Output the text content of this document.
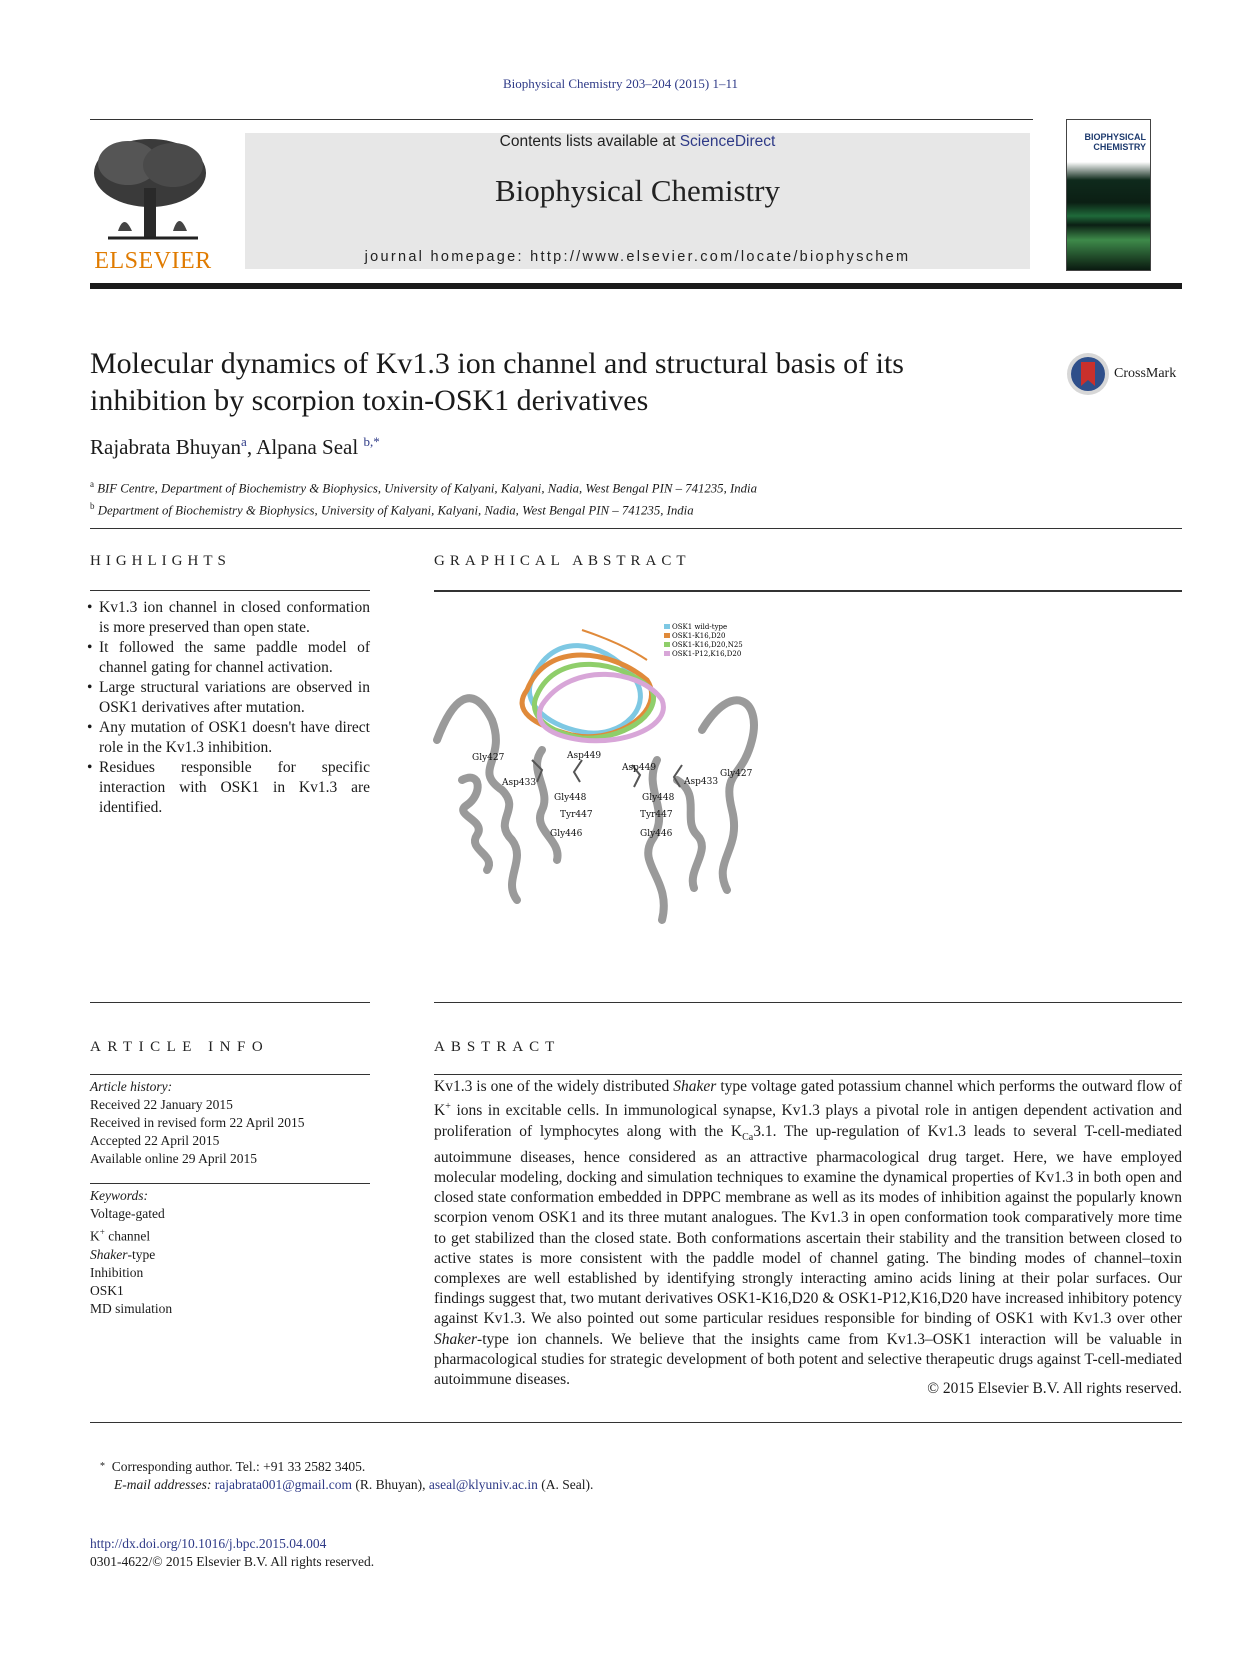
Biophysical Chemistry 203–204 (2015) 1–11
ELSEVIER
Contents lists available at ScienceDirect
Biophysical Chemistry
journal homepage: http://www.elsevier.com/locate/biophyschem
BIOPHYSICAL
CHEMISTRY
Molecular dynamics of Kv1.3 ion channel and structural basis of its
inhibition by scorpion toxin-OSK1 derivatives
CrossMark
Rajabrata Bhuyan$^a$, Alpana Seal $^{b,*}$
$^a$ BIF Centre, Department of Biochemistry & Biophysics, University of Kalyani, Kalyani, Nadia, West Bengal PIN – 741235, India
$^b$ Department of Biochemistry & Biophysics, University of Kalyani, Kalyani, Nadia, West Bengal PIN – 741235, India
HIGHLIGHTS
• Kv1.3 ion channel in closed conformation is more preserved than open state.
• It followed the same paddle model of channel gating for channel activation.
• Large structural variations are observed in OSK1 derivatives after mutation.
• Any mutation of OSK1 doesn't have direct role in the Kv1.3 inhibition.
• Residues responsible for specific interaction with OSK1 in Kv1.3 are identified.
GRAPHICAL ABSTRACT
OSK1 wild-type
OSK1-K16,D20
OSK1-K16,D20,N25
OSK1-P12,K16,D20
Gly427
Asp433
Asp449
Gly448
Tyr447
Gly446
Gly427
Asp449
Asp433
Gly448
Tyr447
Gly446
ARTICLE INFO
Article history:
Received 22 January 2015
Received in revised form 22 April 2015
Accepted 22 April 2015
Available online 29 April 2015
Keywords:
Voltage-gated
K+ channel
Shaker-type
Inhibition
OSK1
MD simulation
ABSTRACT
Kv1.3 is one of the widely distributed Shaker type voltage gated potassium channel which performs the outward flow of K+ ions in excitable cells. In immunological synapse, Kv1.3 plays a pivotal role in antigen dependent activation and proliferation of lymphocytes along with the $K_{Ca}3.1$. The up-regulation of Kv1.3 leads to several T-cell-mediated autoimmune diseases, hence considered as an attractive pharmacological drug target. Here, we have employed molecular modeling, docking and simulation techniques to examine the dynamical properties of Kv1.3 in both open and closed state conformation embedded in DPPC membrane as well as its modes of inhibition against the popularly known scorpion venom OSK1 and its three mutant analogues. The Kv1.3 in open conformation took comparatively more time to get stabilized than the closed state. Both conformations ascertain their stability and the transition between closed to active states is more consistent with the paddle model of channel gating. The binding modes of channel–toxin complexes are well established by identifying strongly interacting amino acids lining at their polar surfaces. Our findings suggest that, two mutant derivatives OSK1-K16,D20 & OSK1-P12,K16,D20 have increased inhibitory potency against Kv1.3. We also pointed out some particular residues responsible for binding of OSK1 with Kv1.3 over other Shaker-type ion channels. We believe that the insights came from Kv1.3–OSK1 interaction will be valuable in pharmacological studies for strategic development of both potent and selective therapeutic drugs against T-cell-mediated autoimmune diseases.
© 2015 Elsevier B.V. All rights reserved.
* Corresponding author. Tel.: +91 33 2582 3405.
E-mail addresses: rajabrata001@gmail.com (R. Bhuyan), aseal@klyuniv.ac.in (A. Seal).
http://dx.doi.org/10.1016/j.bpc.2015.04.004
0301-4622/© 2015 Elsevier B.V. All rights reserved.
